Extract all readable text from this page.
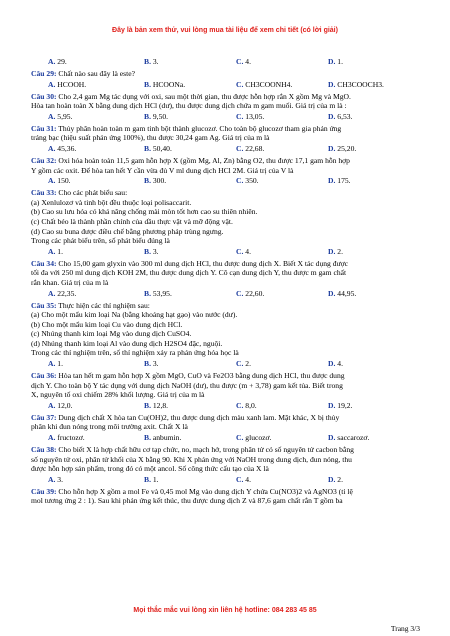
Đây là bản xem thử, vui lòng mua tài liệu để xem chi tiết (có lời giải)
A. 29.	B. 3.	C. 4.	D. 1.
Câu 29: Chất nào sau đây là este?
A. HCOOH.	B. HCOONa.	C. CH3COONH4.	D. CH3COOCH3.
Câu 30: Cho 2,4 gam Mg tác dụng với oxi, sau một thời gian, thu được hỗn hợp rắn X gồm Mg và MgO.
Hòa tan hoàn toàn X bằng dung dịch HCl (dư), thu được dung dịch chứa m gam muối. Giá trị của m là :
A. 5,95.	B. 9,50.	C. 13,05.	D. 6,53.
Câu 31: Thủy phân hoàn toàn m gam tinh bột thành glucozơ. Cho toàn bộ glucozơ tham gia phản ứng
tráng bạc (hiệu suất phản ứng 100%), thu được 30,24 gam Ag. Giá trị của m là
A. 45,36.	B. 50,40.	C. 22,68.	D. 25,20.
Câu 32: Oxi hóa hoàn toàn 11,5 gam hỗn hợp X (gồm Mg, Al, Zn) bằng O2, thu được 17,1 gam hỗn hợp
Y gồm các oxit. Để hòa tan hết Y cần vừa đủ V ml dung dịch HCl 2M. Giá trị của V là
A. 150.	B. 300.	C. 350.	D. 175.
Câu 33: Cho các phát biểu sau:
(a) Xenlulozơ và tinh bột đều thuộc loại polisaccarit.
(b) Cao su lưu hóa có khả năng chống mài mòn tốt hơn cao su thiên nhiên.
(c) Chất béo là thành phần chính của dầu thực vật và mỡ động vật.
(d) Cao su buna được điều chế bằng phương pháp trùng ngưng.
Trong các phát biểu trên, số phát biểu đúng là
A. 1.	B. 3.	C. 4.	D. 2.
Câu 34: Cho 15,00 gam glyxin vào 300 ml dung dịch HCl, thu được dung dịch X. Biết X tác dụng được
tối đa với 250 ml dung dịch KOH 2M, thu được dung dịch Y. Cô cạn dung dịch Y, thu được m gam chất
rắn khan. Giá trị của m là
A. 22,35.	B. 53,95.	C. 22,60.	D. 44,95.
Câu 35: Thực hiện các thí nghiệm sau:
(a) Cho một mẩu kim loại Na (bằng khoảng hạt gạo) vào nước (dư).
(b) Cho một mẩu kim loại Cu vào dung dịch HCl.
(c) Nhúng thanh kim loại Mg vào dung dịch CuSO4.
(d) Nhúng thanh kim loại Al vào dung dịch H2SO4 đặc, nguội.
Trong các thí nghiệm trên, số thí nghiệm xảy ra phản ứng hóa học là
A. 1.	B. 3.	C. 2.	D. 4.
Câu 36: Hòa tan hết m gam hỗn hợp X gồm MgO, CuO và Fe2O3 bằng dung dịch HCl, thu được dung
dịch Y. Cho toàn bộ Y tác dụng với dung dịch NaOH (dư), thu được (m + 3,78) gam kết tủa. Biết trong
X, nguyên tố oxi chiếm 28% khối lượng. Giá trị của m là
A. 12,0.	B. 12,8.	C. 8,0.	D. 19,2.
Câu 37: Dung dịch chất X hòa tan Cu(OH)2, thu được dung dịch màu xanh lam. Mặt khác, X bị thủy
phân khi đun nóng trong môi trường axit. Chất X là
A. fructozơ.	B. anbumin.	C. glucozơ.	D. saccarozơ.
Câu 38: Cho biết X là hợp chất hữu cơ tạp chức, no, mạch hở, trong phân tử có số nguyên tử cacbon bằng
số nguyên tử oxi, phân tử khối của X bằng 90. Khi X phản ứng với NaOH trong dung dịch, đun nóng, thu
được hỗn hợp sản phẩm, trong đó có một ancol. Số công thức cấu tạo của X là
A. 3.	B. 1.	C. 4.	D. 2.
Câu 39: Cho hỗn hợp X gồm a mol Fe và 0,45 mol Mg vào dung dịch Y chứa Cu(NO3)2 và AgNO3 (tỉ lệ
mol tương ứng 2 : 1). Sau khi phản ứng kết thúc, thu được dung dịch Z và 87,6 gam chất rắn T gồm ba
Mọi thắc mắc vui lòng xin liên hệ hotline: 084 283 45 85
Trang 3/3
